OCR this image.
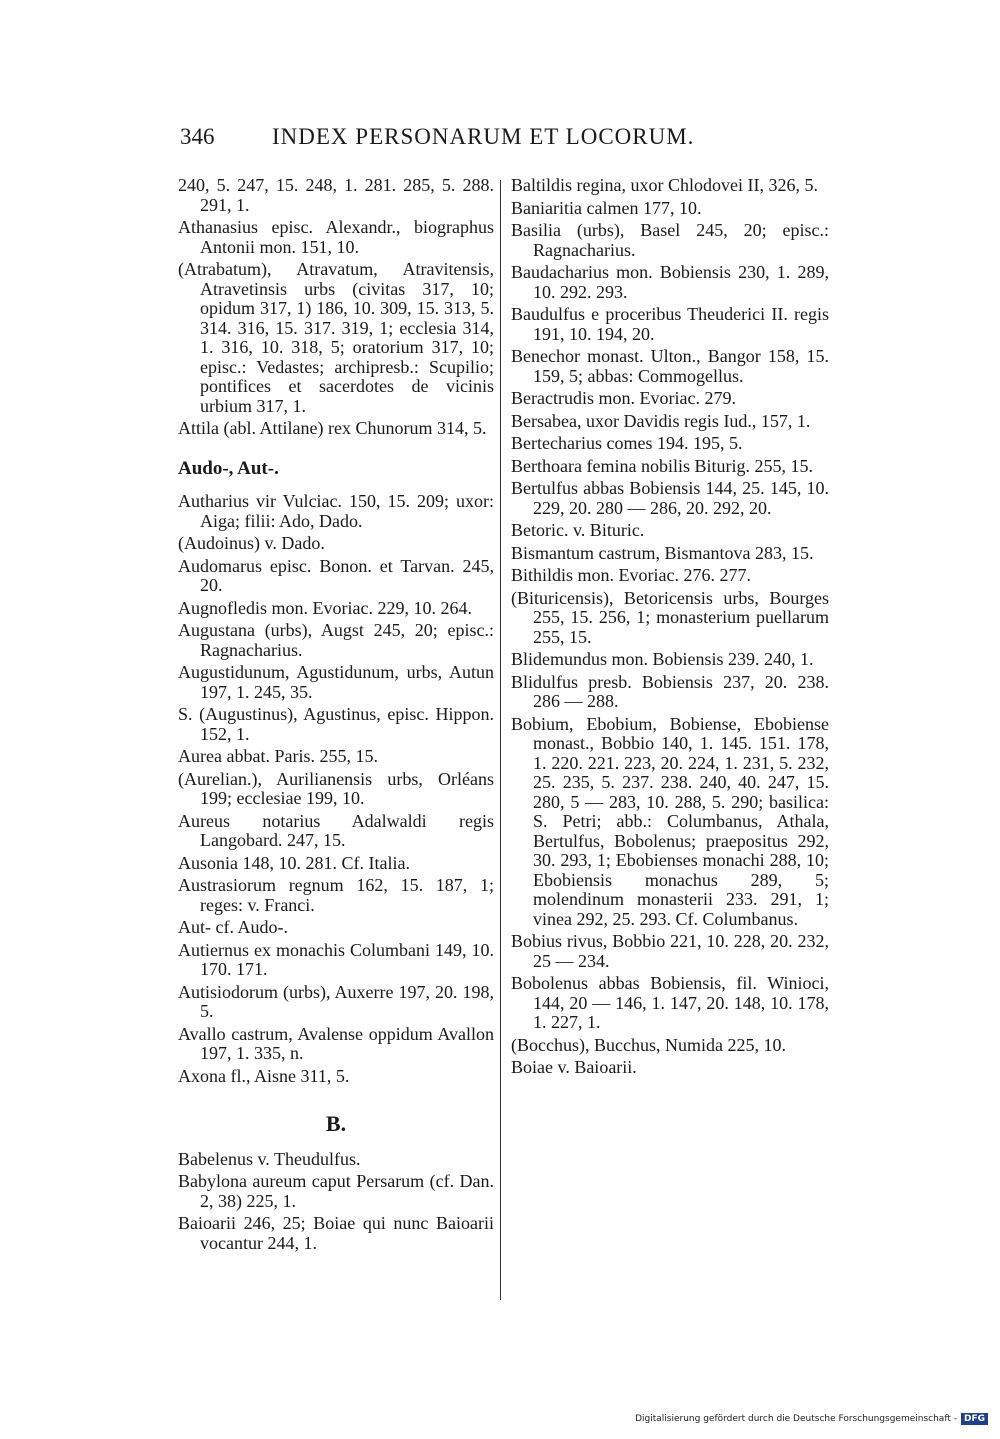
346	INDEX PERSONARUM ET LOCORUM.
240, 5. 247, 15. 248, 1. 281. 285, 5. 288. 291, 1.
Athanasius episc. Alexandr., biographus Antonii mon. 151, 10.
(Atrabatum), Atravatum, Atravitensis, Atravetinsis urbs (civitas 317, 10; opidum 317, 1) 186, 10. 309, 15. 313, 5. 314. 316, 15. 317. 319, 1; ecclesia 314, 1. 316, 10. 318, 5; oratorium 317, 10; episc.: Vedastes; archipresb.: Scupilio; pontifices et sacerdotes de vicinis urbium 317, 1.
Attila (abl. Attilane) rex Chunorum 314, 5.
Audo-, Aut-.
Autharius vir Vulciac. 150, 15. 209; uxor: Aiga; filii: Ado, Dado.
(Audoinus) v. Dado.
Audomarus episc. Bonon. et Tarvan. 245, 20.
Augnofledis mon. Evoriac. 229, 10. 264.
Augustana (urbs), Augst 245, 20; episc.: Ragnacharius.
Augustidunum, Agustidunum, urbs, Autun 197, 1. 245, 35.
S. (Augustinus), Agustinus, episc. Hippon. 152, 1.
Aurea abbat. Paris. 255, 15.
(Aurelian.), Aurilianensis urbs, Orléans 199; ecclesiae 199, 10.
Aureus notarius Adalwaldi regis Langobard. 247, 15.
Ausonia 148, 10. 281. Cf. Italia.
Austrasiorum regnum 162, 15. 187, 1; reges: v. Franci.
Aut- cf. Audo-.
Autiernus ex monachis Columbani 149, 10. 170. 171.
Autisiodorum (urbs), Auxerre 197, 20. 198, 5.
Avallo castrum, Avalense oppidum Avallon 197, 1. 335, n.
Axona fl., Aisne 311, 5.
B.
Babelenus v. Theudulfus.
Babylona aureum caput Persarum (cf. Dan. 2, 38) 225, 1.
Baioarii 246, 25; Boiae qui nunc Baioarii vocantur 244, 1.
Baltildis regina, uxor Chlodovei II, 326, 5.
Baniaritia calmen 177, 10.
Basilia (urbs), Basel 245, 20; episc.: Ragnacharius.
Baudacharius mon. Bobiensis 230, 1. 289, 10. 292. 293.
Baudulfus e proceribus Theuderici II. regis 191, 10. 194, 20.
Benechor monast. Ulton., Bangor 158, 15. 159, 5; abbas: Commogellus.
Beractrudis mon. Evoriac. 279.
Bersabea, uxor Davidis regis Iud., 157, 1.
Bertecharius comes 194. 195, 5.
Berthoara femina nobilis Biturig. 255, 15.
Bertulfus abbas Bobiensis 144, 25. 145, 10. 229, 20. 280 — 286, 20. 292, 20.
Betoric. v. Bituric.
Bismantum castrum, Bismantova 283, 15.
Bithildis mon. Evoriac. 276. 277.
(Bituricensis), Betoricensis urbs, Bourges 255, 15. 256, 1; monasterium puellarum 255, 15.
Blidemundus mon. Bobiensis 239. 240, 1.
Blidulfus presb. Bobiensis 237, 20. 238. 286 — 288.
Bobium, Ebobium, Bobiense, Ebobiense monast., Bobbio 140, 1. 145. 151. 178, 1. 220. 221. 223, 20. 224, 1. 231, 5. 232, 25. 235, 5. 237. 238. 240, 40. 247, 15. 280, 5 — 283, 10. 288, 5. 290; basilica: S. Petri; abb.: Columbanus, Athala, Bertulfus, Bobolenus; praepositus 292, 30. 293, 1; Ebobienses monachi 288, 10; Ebobiensis monachus 289, 5; molendinum monasterii 233. 291, 1; vinea 292, 25. 293. Cf. Columbanus.
Bobius rivus, Bobbio 221, 10. 228, 20. 232, 25 — 234.
Bobolenus abbas Bobiensis, fil. Winioci, 144, 20 — 146, 1. 147, 20. 148, 10. 178, 1. 227, 1.
(Bocchus), Bucchus, Numida 225, 10.
Boiae v. Baioarii.
Digitalisierung gefördert durch die Deutsche Forschungsgemeinschaft - DFG
